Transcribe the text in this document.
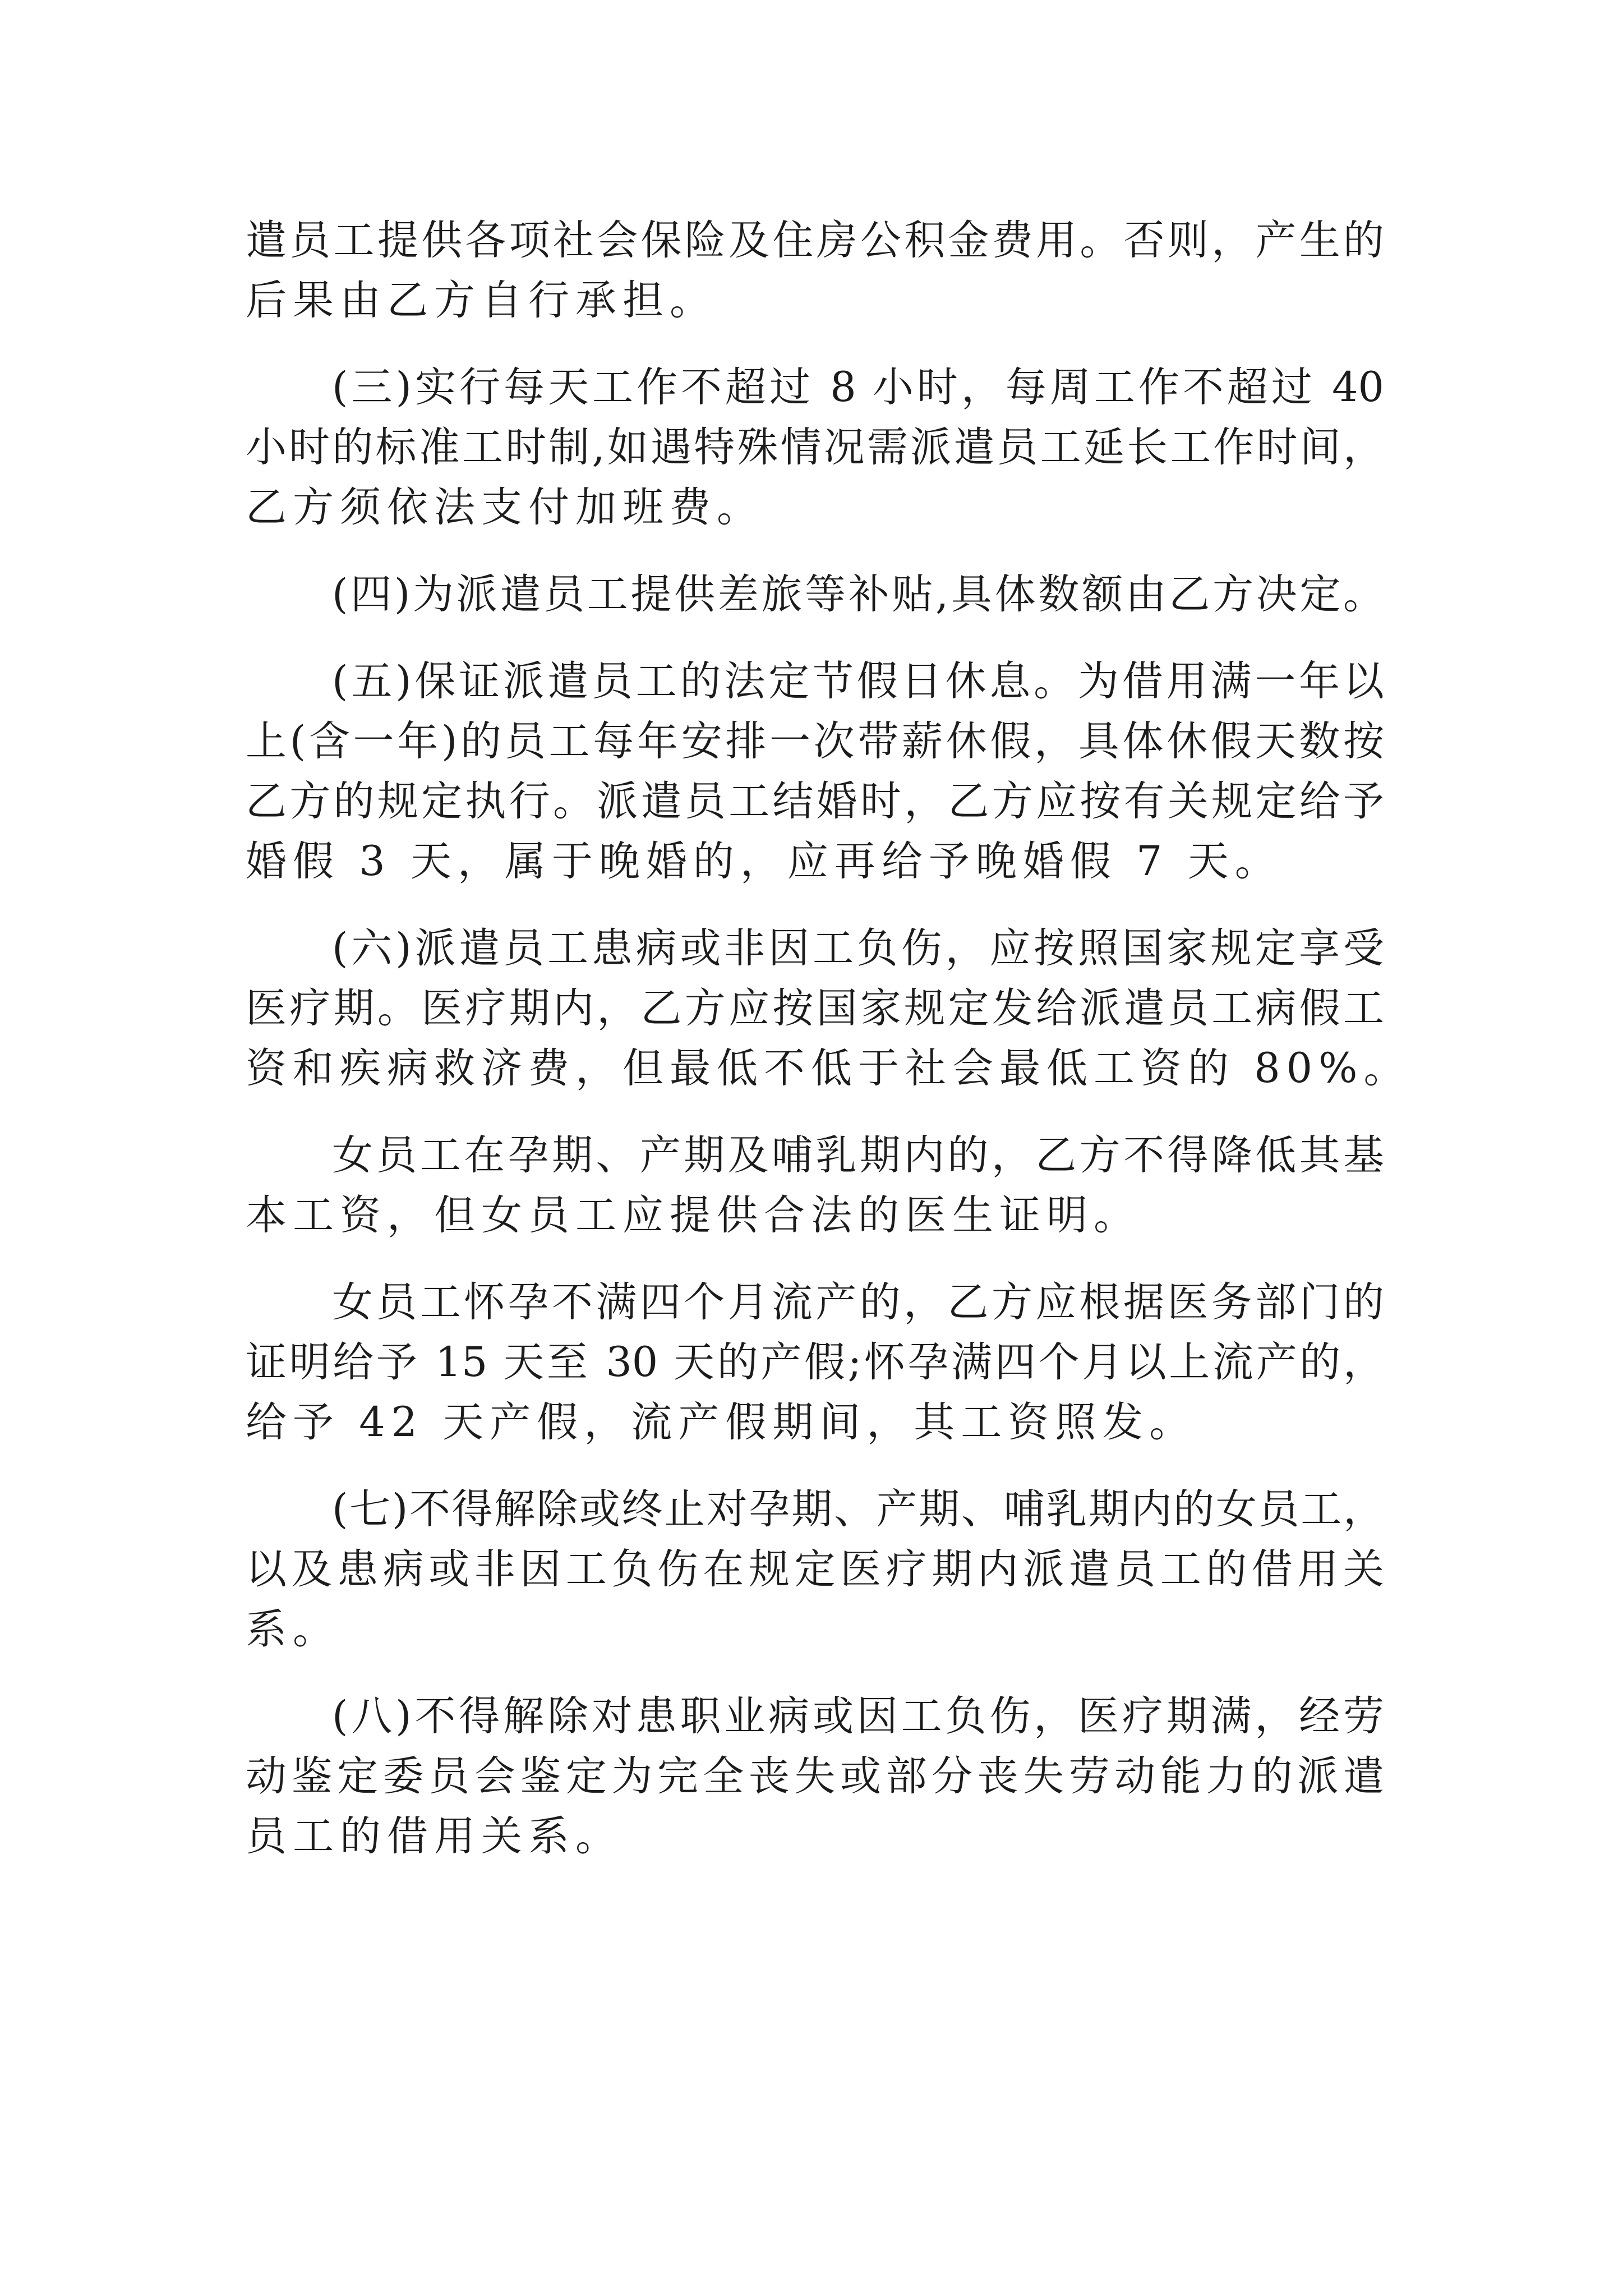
遣员工提供各项社会保险及住房公积金费用。否则，产生的
后果由乙方自行承担。
(三)实行每天工作不超过 8 小时，每周工作不超过 40
小时的标准工时制,如遇特殊情况需派遣员工延长工作时间，
乙方须依法支付加班费。
(四)为派遣员工提供差旅等补贴,具体数额由乙方决定。
(五)保证派遣员工的法定节假日休息。为借用满一年以
上(含一年)的员工每年安排一次带薪休假，具体休假天数按
乙方的规定执行。派遣员工结婚时，乙方应按有关规定给予
婚假 3 天，属于晚婚的，应再给予晚婚假 7 天。
(六)派遣员工患病或非因工负伤，应按照国家规定享受
医疗期。医疗期内，乙方应按国家规定发给派遣员工病假工
资和疾病救济费，但最低不低于社会最低工资的 80%。
女员工在孕期、产期及哺乳期内的，乙方不得降低其基
本工资，但女员工应提供合法的医生证明。
女员工怀孕不满四个月流产的，乙方应根据医务部门的
证明给予 15 天至 30 天的产假;怀孕满四个月以上流产的，
给予 42 天产假，流产假期间，其工资照发。
(七)不得解除或终止对孕期、产期、哺乳期内的女员工，
以及患病或非因工负伤在规定医疗期内派遣员工的借用关
系。
(八)不得解除对患职业病或因工负伤，医疗期满，经劳
动鉴定委员会鉴定为完全丧失或部分丧失劳动能力的派遣
员工的借用关系。
